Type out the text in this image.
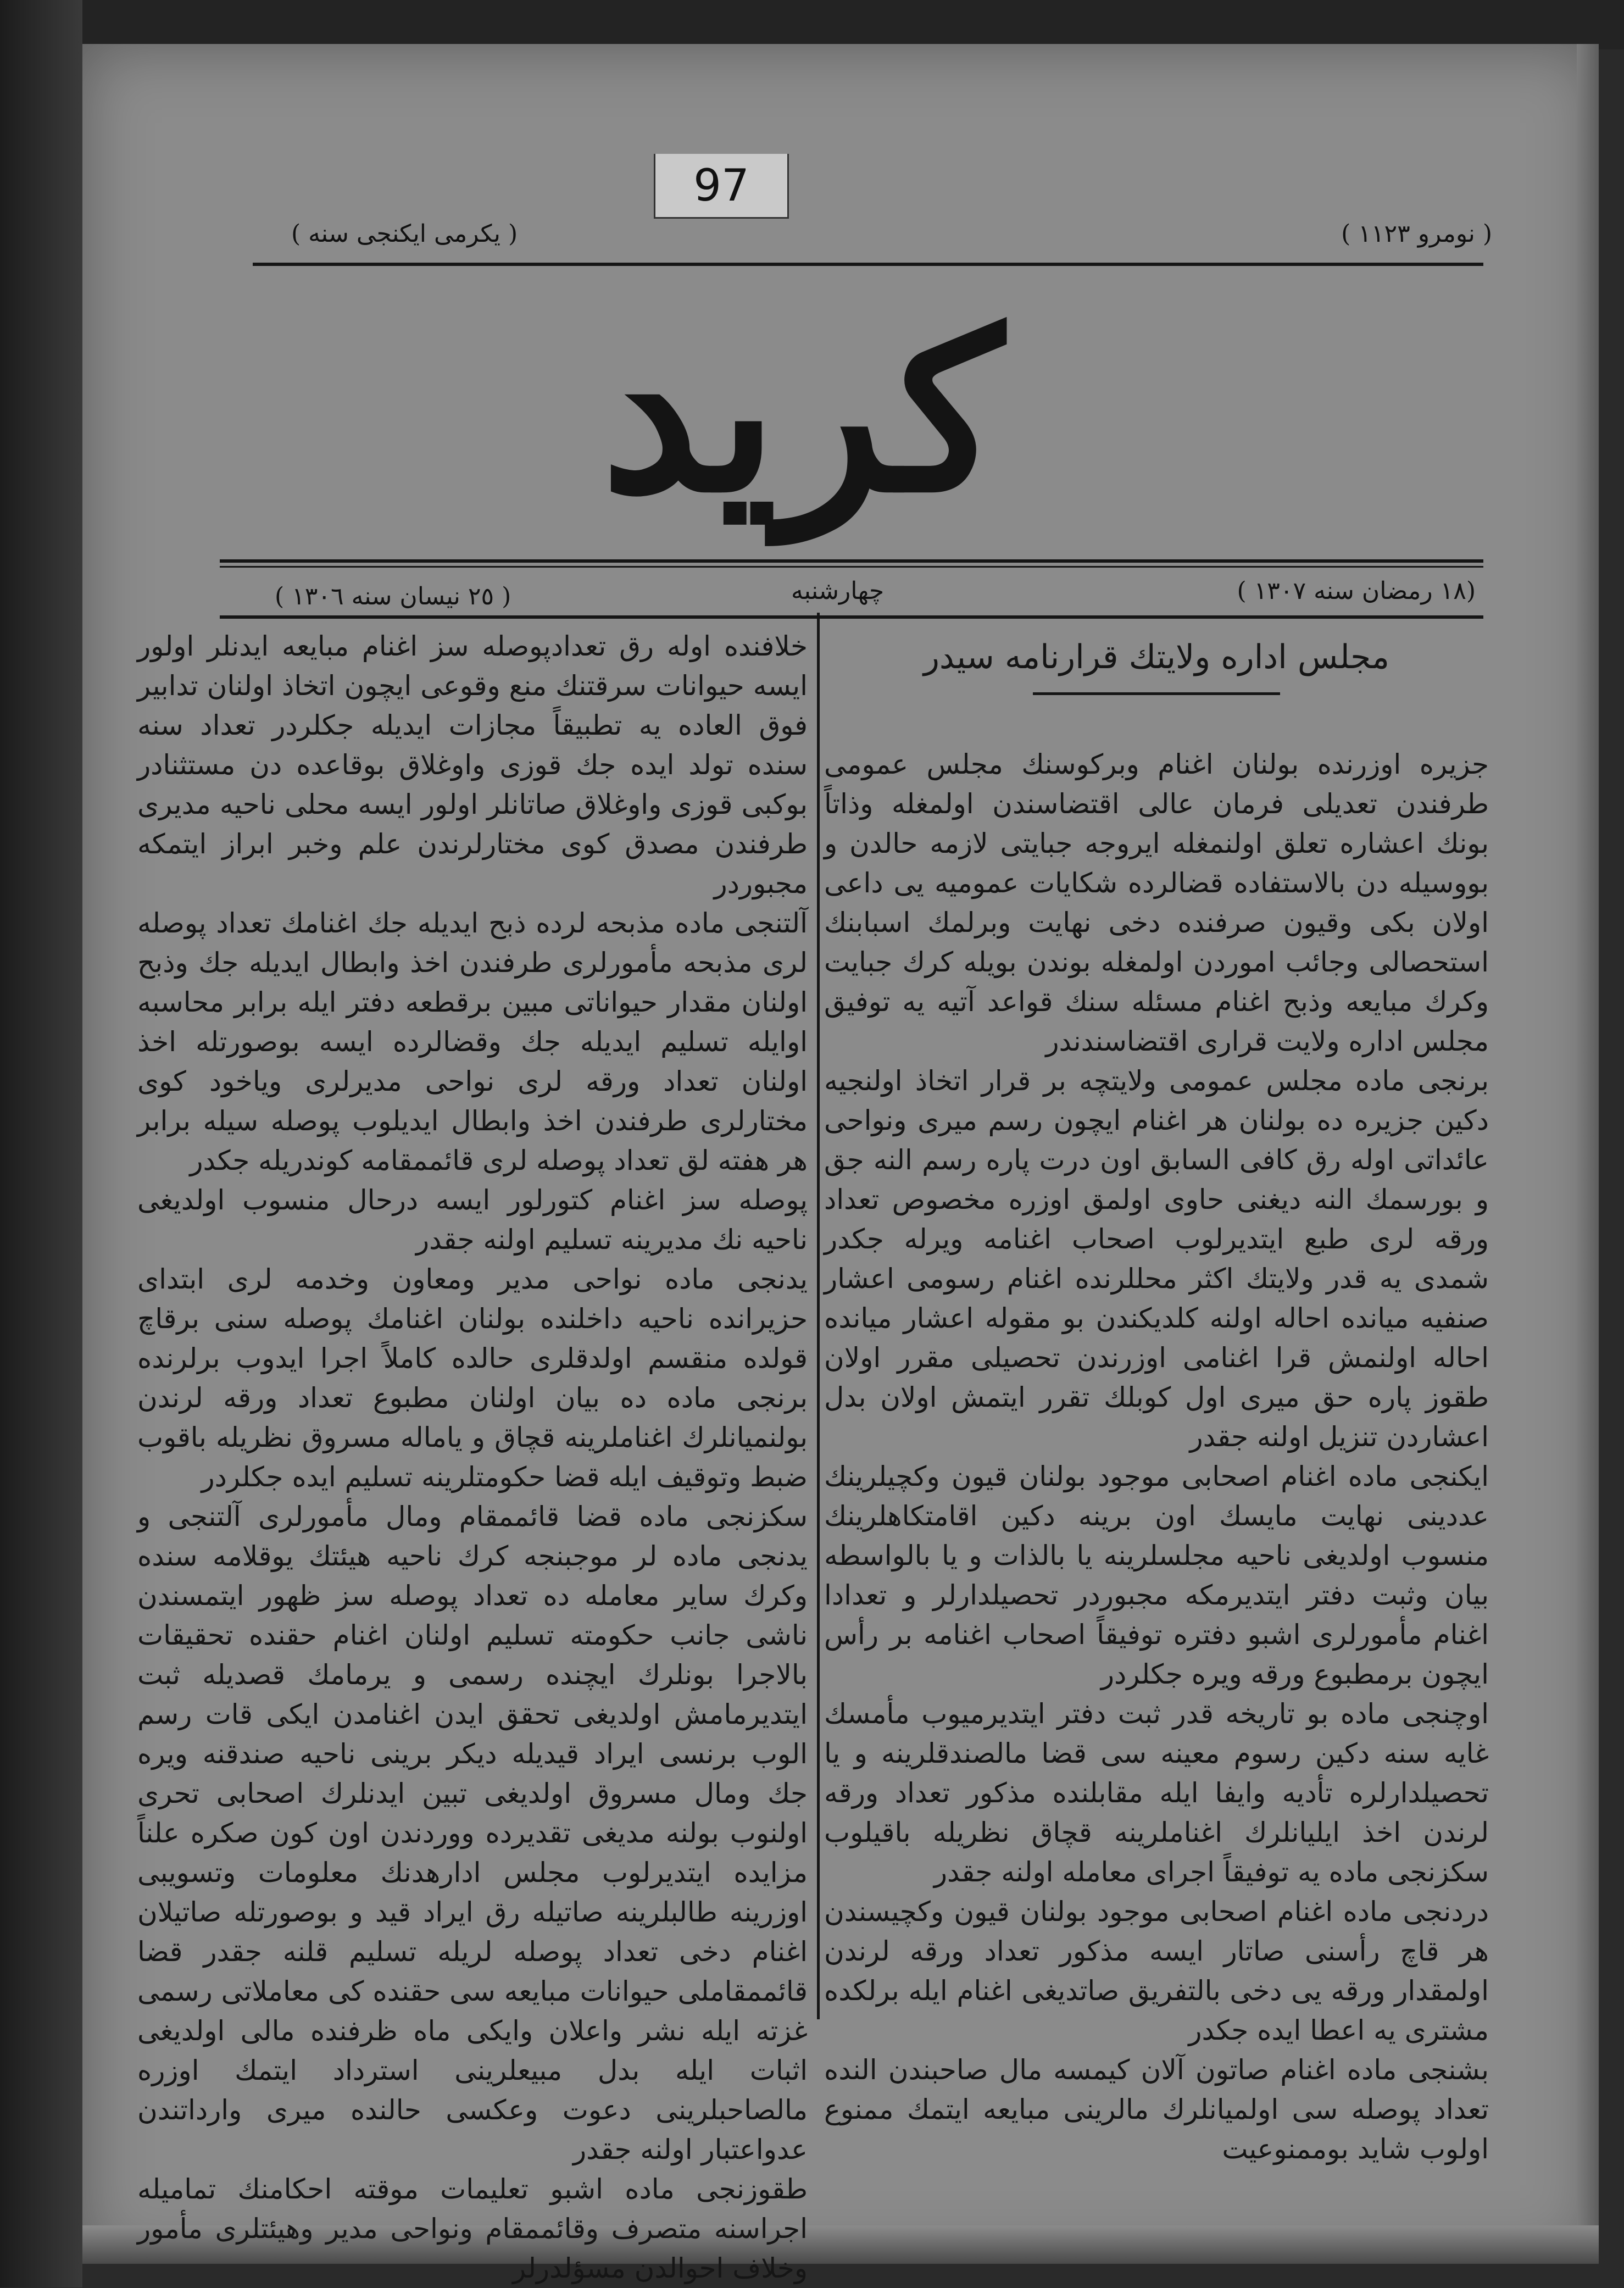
97
( نومرو ١١٢٣ )
( يكرمى ايكنجى سنه )
كريد
(١٨ رمضان سنه ١٣٠٧ )
چهارشنبه
( ٢٥ نيسان سنه ١٣٠٦ )

مجلس اداره ولايتك قرارنامه سيدر

جزيره اوزرنده بولنان اغنام وبركوسنك مجلس عمومى طرفندن تعديلى فرمان عالى اقتضاسندن اولمغله وذاتاً بونك اعشاره تعلق اولنمغله ايروجه جبايتى لازمه حالدن و بووسيله دن بالاستفاده قضالرده شكايات عموميه يى داعى اولان بكى وقيون صرفنده دخى نهايت وبرلمك اسبابنك استحصالى وجائب اموردن اولمغله بوندن بويله كرك جبايت وكرك مبايعه وذبح اغنام مسئله سنك قواعد آتيه يه توفيق مجلس اداره ولايت قرارى اقتضاسندندر

برنجى ماده مجلس عمومى ولايتچه بر قرار اتخاذ اولنجيه دكين جزيره ده بولنان هر اغنام ايچون رسم ميرى ونواحى عائداتى اوله رق كافى السابق اون درت پاره رسم النه جق و بورسمك النه ديغنى حاوى اولمق اوزره مخصوص تعداد ورقه لرى طبع ايتديرلوب اصحاب اغنامه ويرله جكدر شمدى يه قدر ولايتك اكثر محللرنده اغنام رسومى اعشار صنفيه ميانده احاله اولنه كلديكندن بو مقوله اعشار ميانده احاله اولنمش قرا اغنامى اوزرندن تحصيلى مقرر اولان طقوز پاره حق ميرى اول كوبلك تقرر ايتمش اولان بدل اعشاردن تنزيل اولنه جقدر

ايكنجى ماده اغنام اصحابى موجود بولنان قيون وكچيلرينك عددينى نهايت مايسك اون برينه دكين اقامتكاهلرينك منسوب اولديغى ناحيه مجلسلرينه يا بالذات و يا بالواسطه بيان وثبت دفتر ايتديرمكه مجبوردر تحصيلدارلر و تعدادا اغنام مأمورلرى اشبو دفتره توفيقاً اصحاب اغنامه بر رأس ايچون برمطبوع ورقه ويره جكلردر

اوچنجى ماده بو تاريخه قدر ثبت دفتر ايتديرميوب مأمسك غايه سنه دكين رسوم معينه سى قضا مالصندقلرينه و يا تحصيلدارلره تأديه وايفا ايله مقابلنده مذكور تعداد ورقه لرندن اخذ ايليانلرك اغناملرينه قچاق نظريله باقيلوب سكزنجى ماده يه توفيقاً اجراى معامله اولنه جقدر

دردنجى ماده اغنام اصحابى موجود بولنان قيون وكچيسندن هر قاچ رأسنى صاتار ايسه مذكور تعداد ورقه لرندن اولمقدار ورقه يى دخى بالتفريق صاتديغى اغنام ايله برلكده مشترى يه اعطا ايده جكدر

بشنجى ماده اغنام صاتون آلان كيمسه مال صاحبندن النده تعداد پوصله سى اولميانلرك مالرينى مبايعه ايتمك ممنوع اولوب شايد بوممنوعيت

خلافنده اوله رق تعدادپوصله سز اغنام مبايعه ايدنلر اولور ايسه حيوانات سرقتنك منع وقوعى ايچون اتخاذ اولنان تدابير فوق العاده يه تطبيقاً مجازات ايديله جكلردر تعداد سنه سنده تولد ايده جك قوزى واوغلاق بوقاعده دن مستثنادر بوكبى قوزى واوغلاق صاتانلر اولور ايسه محلى ناحيه مديرى طرفندن مصدق كوى مختارلرندن علم وخبر ابراز ايتمكه مجبوردر

آلتنجى ماده مذبحه لرده ذبح ايديله جك اغنامك تعداد پوصله لرى مذبحه مأمورلرى طرفندن اخذ وابطال ايديله جك وذبح اولنان مقدار حيواناتى مبين برقطعه دفتر ايله برابر محاسبه اوايله تسليم ايديله جك وقضالرده ايسه بوصورتله اخذ اولنان تعداد ورقه لرى نواحى مديرلرى وياخود كوى مختارلرى طرفندن اخذ وابطال ايديلوب پوصله سيله برابر هر هفته لق تعداد پوصله لرى قائممقامه كوندريله جكدر

پوصله سز اغنام كتورلور ايسه درحال منسوب اولديغى ناحيه نك مديرينه تسليم اولنه جقدر

يدنجى ماده نواحى مدير ومعاون وخدمه لرى ابتداى حزيرانده ناحيه داخلنده بولنان اغنامك پوصله سنى برقاچ قولده منقسم اولدقلرى حالده كاملاً اجرا ايدوب برلرنده برنجى ماده ده بيان اولنان مطبوع تعداد ورقه لرندن بولنميانلرك اغناملرينه قچاق و ياماله مسروق نظريله باقوب ضبط وتوقيف ايله قضا حكومتلرينه تسليم ايده جكلردر

سكزنجى ماده قضا قائممقام ومال مأمورلرى آلتنجى و يدنجى ماده لر موجبنجه كرك ناحيه هيئتك يوقلامه سنده وكرك ساير معامله ده تعداد پوصله سز ظهور ايتمسندن ناشى جانب حكومته تسليم اولنان اغنام حقنده تحقيقات بالاجرا بونلرك ايچنده رسمى و يرمامك قصديله ثبت ايتديرمامش اولديغى تحقق ايدن اغنامدن ايكى قات رسم الوب برنسى ايراد قيديله ديكر برينى ناحيه صندقنه ويره جك ومال مسروق اولديغى تبين ايدنلرك اصحابى تحرى اولنوب بولنه مديغى تقديرده ووردندن اون كون صكره علناً مزايده ايتديرلوب مجلس ادارهدنك معلومات وتسويبى اوزرينه طالبلرينه صاتيله رق ايراد قيد و بوصورتله صاتيلان اغنام دخى تعداد پوصله لريله تسليم قلنه جقدر قضا قائممقاملى حيوانات مبايعه سى حقنده كى معاملاتى رسمى غزته ايله نشر واعلان وايكى ماه ظرفنده مالى اولديغى اثبات ايله بدل مبيعلرينى استرداد ايتمك اوزره مالصاحبلرينى دعوت وعكسى حالنده ميرى وارداتندن عدواعتبار اولنه جقدر

طقوزنجى ماده اشبو تعليمات موقته احكامنك تماميله اجراسنه متصرف وقائممقام ونواحى مدير وهيئتلرى مأمور وخلاف احوالدن مسؤلدرلر
